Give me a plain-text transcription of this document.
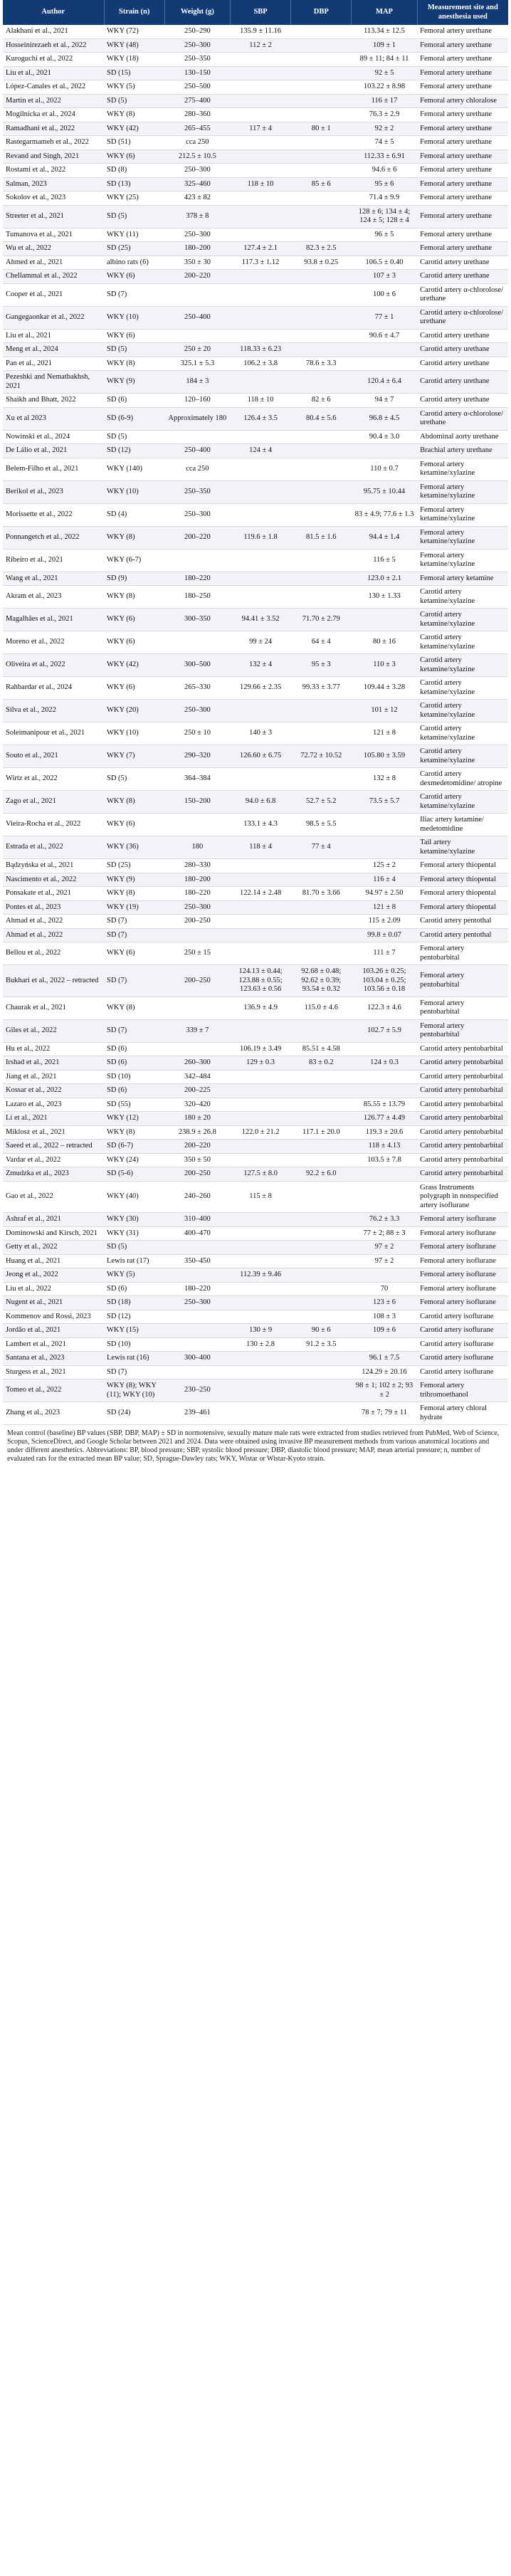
Author	Strain (n)	Weight (g)	SBP	DBP	MAP	Measurement site and anesthesia used
Alakhani et al., 2021	WKY (72)	250–290	135.9 ± 11.16		113.34 ± 12.5	Femoral artery urethane
Hosseinirezaeh et al., 2022	WKY (48)	250–300	112 ± 2		109 ± 1	Femoral artery urethane
Kuroguchi et al., 2022	WKY (18)	250–350			89 ± 11; 84 ± 11	Femoral artery urethane
Liu et al., 2021	SD (15)	130–150			92 ± 5	Femoral artery urethane
López-Canales et al., 2022	WKY (5)	250–500			103.22 ± 8.98	Femoral artery urethane
Martin et al., 2022	SD (5)	275–400			116 ± 17	Femoral artery chloralose
Mogilnicka et al., 2024	WKY (8)	280–360			76.3 ± 2.9	Femoral artery urethane
Ramadhani et al., 2022	WKY (42)	265–455	117 ± 4	80 ± 1	92 ± 2	Femoral artery urethane
Rastegarmameh et al., 2022	SD (51)	cca 250			74 ± 5	Femoral artery urethane
Revand and Singh, 2021	WKY (6)	212.5 ± 10.5			112.33 ± 6.91	Femoral artery urethane
Rostami et al., 2022	SD (8)	250–300			94.6 ± 6	Femoral artery urethane
Salman, 2023	SD (13)	325–460	118 ± 10	85 ± 6	95 ± 6	Femoral artery urethane
Sokolov et al., 2023	WKY (25)	423 ± 82			71.4 ± 9.9	Femoral artery urethane
Streeter et al., 2021	SD (5)	378 ± 8			128 ± 6; 134 ± 4; 124 ± 5; 128 ± 4	Femoral artery urethane
Tumanova et al., 2021	WKY (11)	250–300			96 ± 5	Femoral artery urethane
Wu et al., 2022	SD (25)	180–200	127.4 ± 2.1	82.3 ± 2.5		Femoral artery urethane
Ahmed et al., 2021	albino rats (6)	350 ± 30	117.3 ± 1.12	93.8 ± 0.25	106.5 ± 0.40	Carotid artery urethane
Chellammal et al., 2022	WKY (6)	200–220			107 ± 3	Carotid artery urethane
Cooper et al., 2021	SD (7)				100 ± 6	Carotid artery α-chlorolose/ urethane
Gangegaonkar et al., 2022	WKY (10)	250–400			77 ± 1	Carotid artery α-chlorolose/ urethane
Liu et al., 2021	WKY (6)				90.6 ± 4.7	Carotid artery urethane
Meng et al., 2024	SD (5)	250 ± 20	118.33 ± 6.23			Carotid artery urethane
Pan et al., 2021	WKY (8)	325.1 ± 5.3	106.2 ± 3.8	78.6 ± 3.3		Carotid artery urethane
Pezeshki and Nematbakhsh, 2021	WKY (9)	184 ± 3			120.4 ± 6.4	Carotid artery urethane
Shaikh and Bhatt, 2022	SD (6)	120–160	118 ± 10	82 ± 6	94 ± 7	Carotid artery urethane
Xu et al 2023	SD (6-9)	Approximately 180	126.4 ± 3.5	80.4 ± 5.6	96.8 ± 4.5	Carotid artery α-chlorolose/ urethane
Nowinski et al., 2024	SD (5)				90.4 ± 3.0	Abdominal aorty urethane
De Lálio et al., 2021	SD (12)	250–400	124 ± 4			Brachial artery urethane
Belem-Filho et al., 2021	WKY (140)	cca 250			110 ± 0.7	Femoral artery ketamine/xylazine
Berikol et al., 2023	WKY (10)	250–350			95.75 ± 10.44	Femoral artery ketamine/xylazine
Morissette et al., 2022	SD (4)	250–300			83 ± 4.9; 77.6 ± 1.3	Femoral artery ketamine/xylazine
Ponnangetch et al., 2022	WKY (8)	200–220	119.6 ± 1.8	81.5 ± 1.6	94.4 ± 1.4	Femoral artery ketamine/xylazine
Ribeiro et al., 2021	WKY (6-7)				116 ± 5	Femoral artery ketamine/xylazine
Wang et al., 2021	SD (9)	180–220			123.0 ± 2.1	Femoral artery ketamine
Akram et al., 2023	WKY (8)	180–250			130 ± 1.33	Carotid artery ketamine/xylazine
Magalhães et al., 2021	WKY (6)	300–350	94.41 ± 3.52	71.70 ± 2.79		Carotid artery ketamine/xylazine
Moreno et al., 2022	WKY (6)		99 ± 24	64 ± 4	80 ± 16	Carotid artery ketamine/xylazine
Oliveira et al., 2022	WKY (42)	300–500	132 ± 4	95 ± 3	110 ± 3	Carotid artery ketamine/xylazine
Rahbardar et al., 2024	WKY (6)	265–330	129.66 ± 2.35	99.33 ± 3.77	109.44 ± 3.28	Carotid artery ketamine/xylazine
Silva et al., 2022	WKY (20)	250–300			101 ± 12	Carotid artery ketamine/xylazine
Soleimanipour et al., 2021	WKY (10)	250 ± 10	140 ± 3		121 ± 8	Carotid artery ketamine/xylazine
Souto et al., 2021	WKY (7)	290–320	126.60 ± 6.75	72.72 ± 10.52	105.80 ± 3.59	Carotid artery ketamine/xylazine
Wirtz et al., 2022	SD (5)	364–384			132 ± 8	Carotid artery dexmedetomidine/ atropine
Zago et al., 2021	WKY (8)	150–200	94.0 ± 6.8	52.7 ± 5.2	73.5 ± 5.7	Carotid artery ketamine/xylazine
Vieira-Rocha et al., 2022	WKY (6)		133.1 ± 4.3	98.5 ± 5.5		Iliac artery ketamine/ medetomidine
Estrada et al., 2022	WKY (36)	180	118 ± 4	77 ± 4		Tail artery ketamine/xylazine
Bądzyńska et al., 2021	SD (25)	280–330			125 ± 2	Femoral artery thiopental
Nascimento et al., 2022	WKY (9)	180–200			116 ± 4	Femoral artery thiopental
Ponsakate et al., 2021	WKY (8)	180–220	122.14 ± 2.48	81.70 ± 3.66	94.97 ± 2.50	Femoral artery thiopental
Pontes et al., 2023	WKY (19)	250–300			121 ± 8	Femoral artery thiopental
Ahmad et al., 2022	SD (7)	200–250			115 ± 2.09	Carotid artery pentothal
Ahmad et al., 2022	SD (7)				99.8 ± 0.07	Carotid artery pentothal
Bellou et al., 2022	WKY (6)	250 ± 15			111 ± 7	Femoral artery pentobarbital
Bukhari et al., 2022 – retracted	SD (7)	200–250	124.13 ± 0.44; 123.88 ± 0.55; 123.63 ± 0.56	92.68 ± 0.48; 92.62 ± 0.39; 93.54 ± 0.32	103.26 ± 0.25; 103.04 ± 0.25; 103.56 ± 0.18	Femoral artery pentobarbital
Chaurak et al., 2021	WKY (8)		136.9 ± 4.9	115.0 ± 4.6	122.3 ± 4.6	Femoral artery pentobarbital
Giles et al., 2022	SD (7)	339 ± 7			102.7 ± 5.9	Femoral artery pentobarbital
Hu et al., 2022	SD (6)		106.19 ± 3.49	85.51 ± 4.58		Carotid artery pentobarbital
Irshad et al., 2021	SD (6)	260–300	129 ± 0.3	83 ± 0.2	124 ± 0.3	Carotid artery pentobarbital
Jiang et al., 2021	SD (10)	342–484				Carotid artery pentobarbital
Kossar et al., 2022	SD (6)	200–225				Carotid artery pentobarbital
Lazaro et al., 2023	SD (55)	320–420			85.55 ± 13.79	Carotid artery pentobarbital
Li et al., 2021	WKY (12)	180 ± 20			126.77 ± 4.49	Carotid artery pentobarbital
Miklosz et al., 2021	WKY (8)	238.9 ± 26.8	122.0 ± 21.2	117.1 ± 20.0	119.3 ± 20.6	Carotid artery pentobarbital
Saeed et al., 2022 – retracted	SD (6-7)	200–220			118 ± 4.13	Carotid artery pentobarbital
Vardar et al., 2022	WKY (24)	350 ± 50			103.5 ± 7.8	Carotid artery pentobarbital
Zmudzka et al., 2023	SD (5-6)	200–250	127.5 ± 8.0	92.2 ± 6.0		Carotid artery pentobarbital
Gao et al., 2022	WKY (40)	240–260	115 ± 8			Grass Instruments polygraph in nonspecified artery isoflurane
Ashraf et al., 2021	WKY (30)	310–400			76.2 ± 3.3	Femoral artery isoflurane
Dominowski and Kirsch, 2021	WKY (31)	400–470			77 ± 2; 88 ± 3	Femoral artery isoflurane
Getty et al., 2022	SD (5)				97 ± 2	Femoral artery isoflurane
Huang et al., 2021	Lewis rat (17)	350–450			97 ± 2	Femoral artery isoflurane
Jeong et al., 2022	WKY (5)		112.39 ± 9.46			Femoral artery isoflurane
Liu et al., 2022	SD (6)	180–220			70	Femoral artery isoflurane
Nugent et al., 2021	SD (18)	250–300			123 ± 6	Femoral artery isoflurane
Kommenov and Rossi, 2023	SD (12)				108 ± 3	Carotid artery isoflurane
Jordão et al., 2021	WKY (15)		130 ± 9	90 ± 6	109 ± 6	Carotid artery isoflurane
Lambert et al., 2021	SD (10)		130 ± 2.8	91.2 ± 3.5		Carotid artery isoflurane
Santana et al., 2023	Lewis rat (16)	300–400			96.1 ± 7.5	Carotid artery isoflurane
Sturgess et al., 2021	SD (7)				124.29 ± 20.16	Carotid artery isoflurane
Tomeo et al., 2022	WKY (8); WKY (11); WKY (10)	230–250			98 ± 1; 102 ± 2; 93 ± 2	Femoral artery tribromoethanol
Zhang et al., 2023	SD (24)	239–461			78 ± 7; 79 ± 11	Femoral artery chloral hydrate
Mean control (baseline) BP values (SBP, DBP, MAP) ± SD in normotensive, sexually mature male rats were extracted from studies retrieved from PubMed, Web of Science, Scopus, ScienceDirect, and Google Scholar between 2021 and 2024. Data were obtained using invasive BP measurement methods from various anatomical locations and under different anesthetics. Abbreviations: BP, blood pressure; SBP, systolic blood pressure; DBP, diastolic blood pressure; MAP, mean arterial pressure; n, number of evaluated rats for the extracted mean BP value; SD, Sprague-Dawley rats; WKY, Wistar or Wistar-Kyoto strain.
